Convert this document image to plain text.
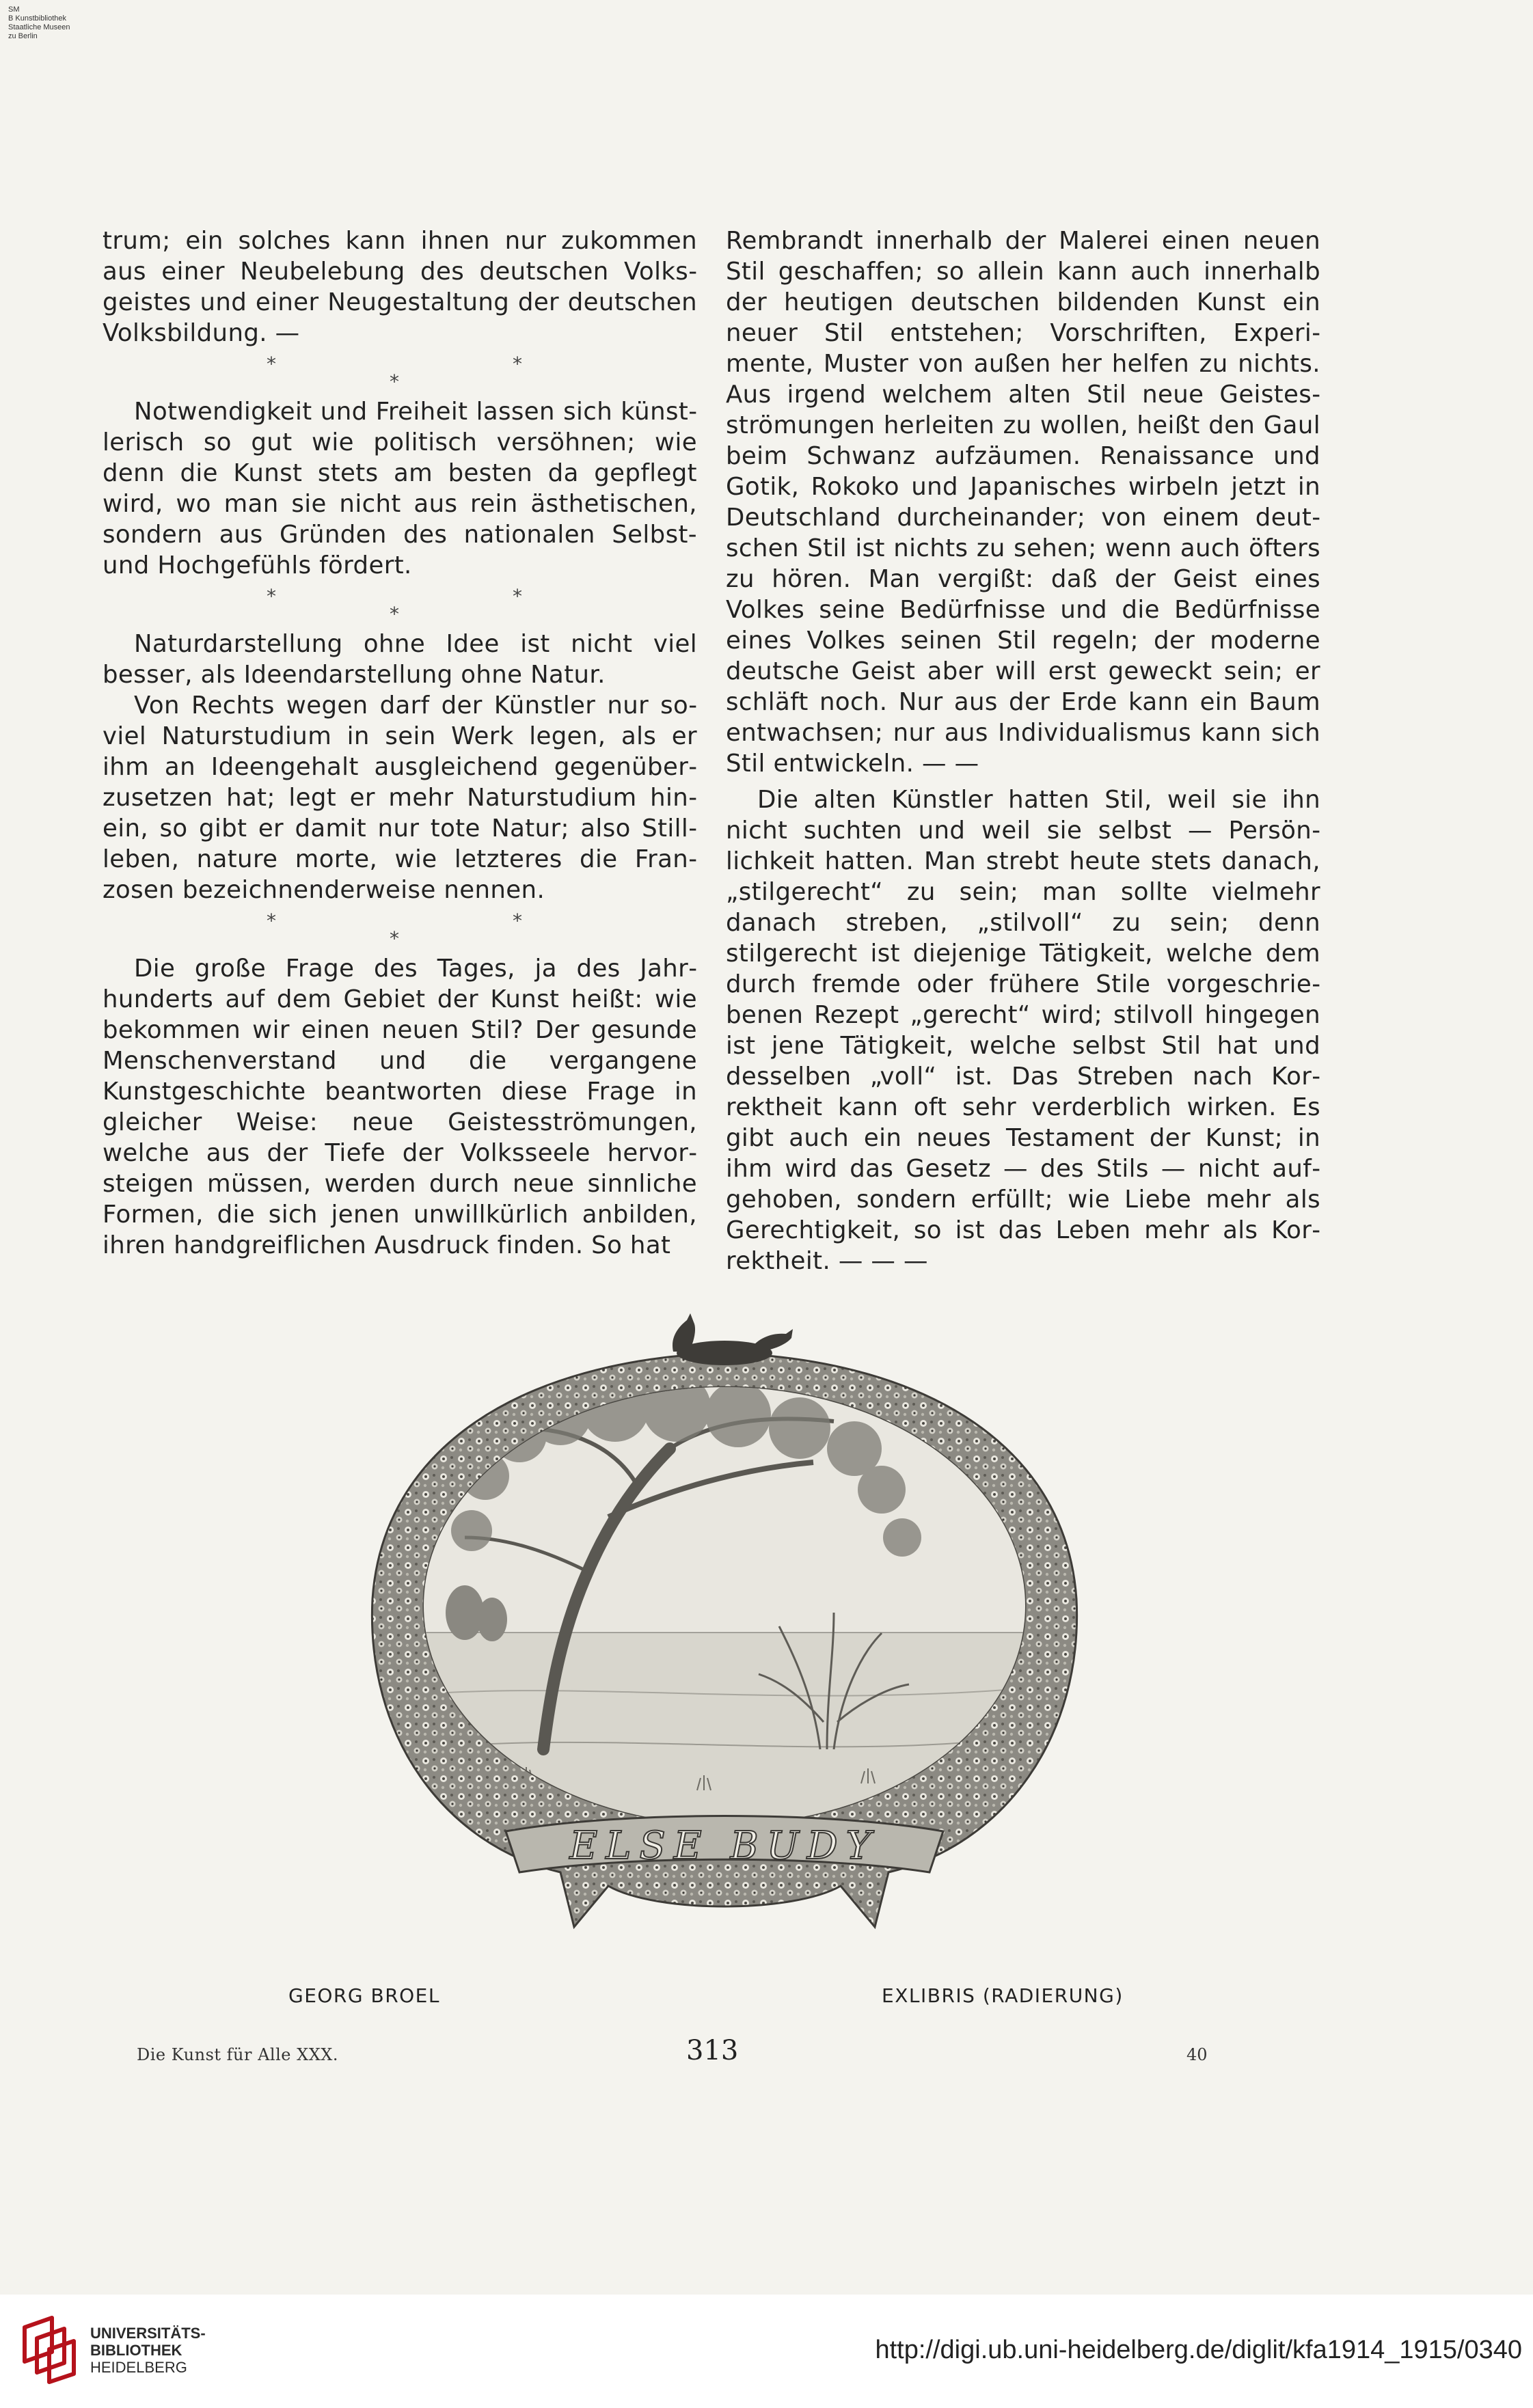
SM
B Kunstbibliothek
Staatliche Museen
zu Berlin

trum; ein solches kann ihnen nur zukommen aus einer Neubelebung des deutschen Volksgeistes und einer Neugestaltung der deutschen Volksbildung. —

*
*
*

Notwendigkeit und Freiheit lassen sich künstlerisch so gut wie politisch versöhnen; wie denn die Kunst stets am besten da gepflegt wird, wo man sie nicht aus rein ästhetischen, sondern aus Gründen des nationalen Selbst- und Hochgefühls fördert.

*
*
*

Naturdarstellung ohne Idee ist nicht viel besser, als Ideendarstellung ohne Natur.

Von Rechts wegen darf der Künstler nur soviel Naturstudium in sein Werk legen, als er ihm an Ideengehalt ausgleichend gegenüberzusetzen hat; legt er mehr Naturstudium hinein, so gibt er damit nur tote Natur; also Stillleben, nature morte, wie letzteres die Franzosen bezeichnenderweise nennen.

*
*
*

Die große Frage des Tages, ja des Jahrhunderts auf dem Gebiet der Kunst heißt: wie bekommen wir einen neuen Stil? Der gesunde Menschenverstand und die vergangene Kunstgeschichte beantworten diese Frage in gleicher Weise: neue Geistesströmungen, welche aus der Tiefe der Volksseele hervorsteigen müssen, werden durch neue sinnliche Formen, die sich jenen unwillkürlich anbilden, ihren handgreiflichen Ausdruck finden. So hat

Rembrandt innerhalb der Malerei einen neuen Stil geschaffen; so allein kann auch innerhalb der heutigen deutschen bildenden Kunst ein neuer Stil entstehen; Vorschriften, Experimente, Muster von außen her helfen zu nichts. Aus irgend welchem alten Stil neue Geistesströmungen herleiten zu wollen, heißt den Gaul beim Schwanz aufzäumen. Renaissance und Gotik, Rokoko und Japanisches wirbeln jetzt in Deutschland durcheinander; von einem deutschen Stil ist nichts zu sehen; wenn auch öfters zu hören. Man vergißt: daß der Geist eines Volkes seine Bedürfnisse und die Bedürfnisse eines Volkes seinen Stil regeln; der moderne deutsche Geist aber will erst geweckt sein; er schläft noch. Nur aus der Erde kann ein Baum entwachsen; nur aus Individualismus kann sich Stil entwickeln. — —

Die alten Künstler hatten Stil, weil sie ihn nicht suchten und weil sie selbst — Persönlichkeit hatten. Man strebt heute stets danach, „stilgerecht“ zu sein; man sollte vielmehr danach streben, „stilvoll“ zu sein; denn stilgerecht ist diejenige Tätigkeit, welche dem durch fremde oder frühere Stile vorgeschriebenen Rezept „gerecht“ wird; stilvoll hingegen ist jene Tätigkeit, welche selbst Stil hat und desselben „voll“ ist. Das Streben nach Korrektheit kann oft sehr verderblich wirken. Es gibt auch ein neues Testament der Kunst; in ihm wird das Gesetz — des Stils — nicht aufgehoben, sondern erfüllt; wie Liebe mehr als Gerechtigkeit, so ist das Leben mehr als Korrektheit. — — —

ELSE BUDY
GEORG BROEL	EXLIBRIS (RADIERUNG)
Die Kunst für Alle XXX.	313	40
UNIVERSITÄTS-
BIBLIOTHEK
HEIDELBERG
http://digi.ub.uni-heidelberg.de/diglit/kfa1914_1915/0340
